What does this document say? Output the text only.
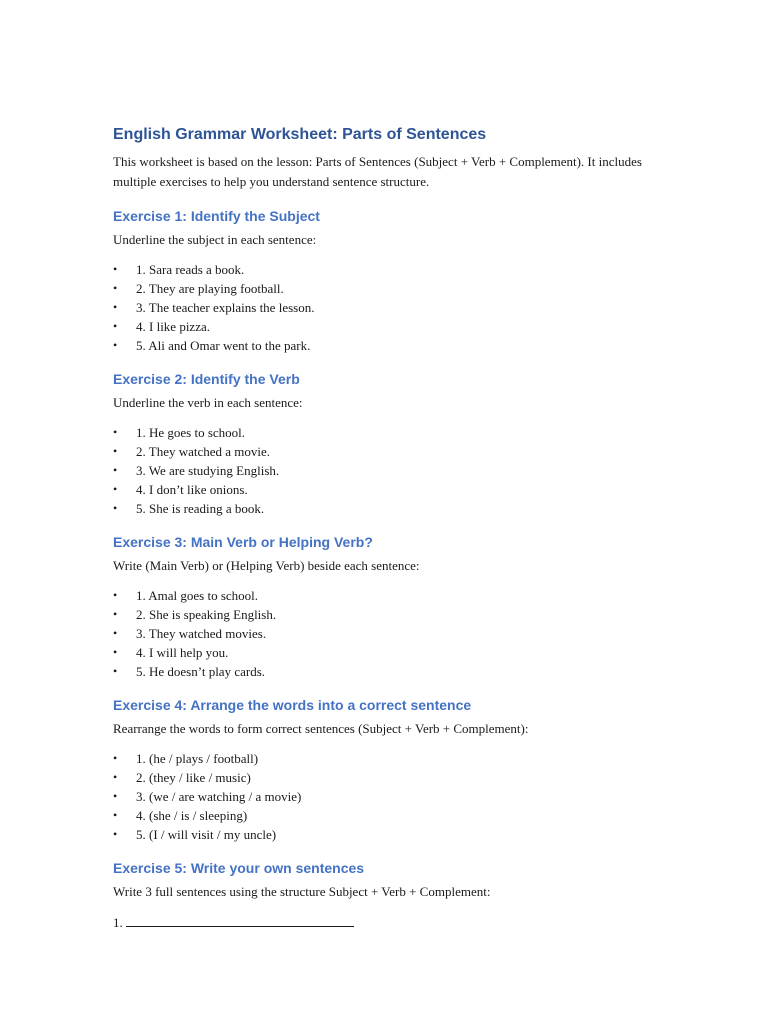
English Grammar Worksheet: Parts of Sentences

This worksheet is based on the lesson: Parts of Sentences (Subject + Verb + Complement). It includes multiple exercises to help you understand sentence structure.

Exercise 1: Identify the Subject
Underline the subject in each sentence:
• 1. Sara reads a book.
• 2. They are playing football.
• 3. The teacher explains the lesson.
• 4. I like pizza.
• 5. Ali and Omar went to the park.
Exercise 2: Identify the Verb
Underline the verb in each sentence:
• 1. He goes to school.
• 2. They watched a movie.
• 3. We are studying English.
• 4. I don’t like onions.
• 5. She is reading a book.
Exercise 3: Main Verb or Helping Verb?
Write (Main Verb) or (Helping Verb) beside each sentence:
• 1. Amal goes to school.
• 2. She is speaking English.
• 3. They watched movies.
• 4. I will help you.
• 5. He doesn’t play cards.
Exercise 4: Arrange the words into a correct sentence
Rearrange the words to form correct sentences (Subject + Verb + Complement):
• 1. (he / plays / football)
• 2. (they / like / music)
• 3. (we / are watching / a movie)
• 4. (she / is / sleeping)
• 5. (I / will visit / my uncle)
Exercise 5: Write your own sentences
Write 3 full sentences using the structure Subject + Verb + Complement:
1.
